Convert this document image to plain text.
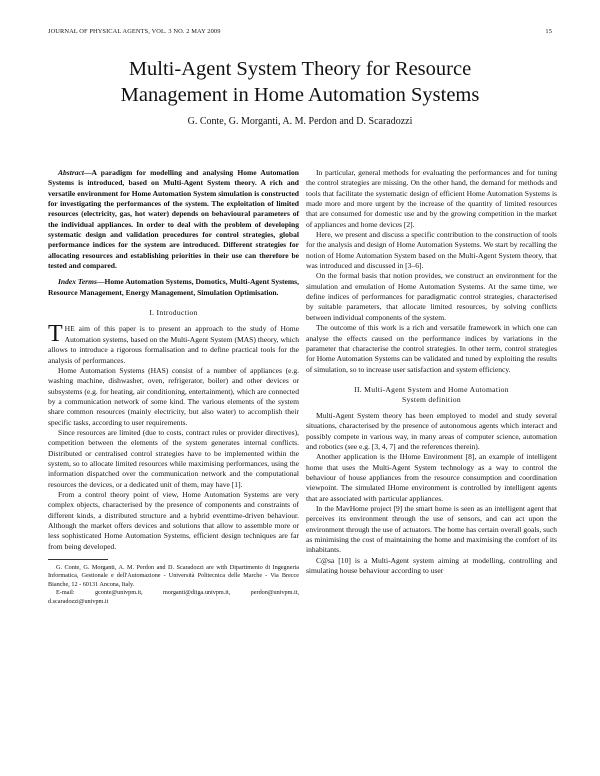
JOURNAL OF PHYSICAL AGENTS, VOL. 3 NO. 2 MAY 2009	15
Multi-Agent System Theory for Resource
Management in Home Automation Systems
G. Conte, G. Morganti, A. M. Perdon and D. Scaradozzi

Abstract—A paradigm for modelling and analysing Home Automation Systems is introduced, based on Multi-Agent System theory. A rich and versatile environment for Home Automation System simulation is constructed for investigating the performances of the system. The exploitation of limited resources (electricity, gas, hot water) depends on behavioural parameters of the individual appliances. In order to deal with the problem of developing systematic design and validation procedures for control strategies, global performance indices for the system are introduced. Different strategies for allocating resources and establishing priorities in their use can therefore be tested and compared.

Index Terms—Home Automation Systems, Domotics, Multi-Agent Systems, Resource Management, Energy Management, Simulation Optimisation.

I. Introduction

THE aim of this paper is to present an approach to the study of Home Automation systems, based on the Multi-Agent System (MAS) theory, which allows to introduce a rigorous formalisation and to define practical tools for the analysis of performances.

Home Automation Systems (HAS) consist of a number of appliances (e.g. washing machine, dishwasher, oven, refrigerator, boiler) and other devices or subsystems (e.g. for heating, air conditioning, entertainment), which are connected by a communication network of some kind. The various elements of the system share common resources (mainly electricity, but also water) to accomplish their specific tasks, according to user requirements.

Since resources are limited (due to costs, contract rules or provider directives), competition between the elements of the system generates internal conflicts. Distributed or centralised control strategies have to be implemented within the system, so to allocate limited resources while maximising performances, using the information dispatched over the communication network and the computational resources the devices, or a dedicated unit of them, may have [1].

From a control theory point of view, Home Automation Systems are very complex objects, characterised by the presence of components and constraints of different kinds, a distributed structure and a hybrid eventtime-driven behaviour. Although the market offers devices and solutions that allow to assemble more or less sophisticated Home Automation Systems, efficient design techniques are far from being developed.

G. Conte, G. Morganti, A. M. Perdon and D. Scaradozzi are with Dipartimento di Ingegneria Informatica, Gestionale e dell'Automazione - Università Politecnica delle Marche - Via Brecce Bianche, 12 - 60131 Ancona, Italy.

E-mail: gconte@univpm.it, morganti@diiga.univpm.it, perdon@univpm.it, d.scaradozzi@univpm.it

In particular, general methods for evaluating the performances and for tuning the control strategies are missing. On the other hand, the demand for methods and tools that facilitate the systematic design of efficient Home Automation Systems is made more and more urgent by the increase of the quantity of limited resources that are consumed for domestic use and by the growing competition in the market of appliances and home devices [2].

Here, we present and discuss a specific contribution to the construction of tools for the analysis and design of Home Automation Systems. We start by recalling the notion of Home Automation System based on the Multi-Agent System theory, that was introduced and discussed in [3–6].

On the formal basis that notion provides, we construct an environment for the simulation and emulation of Home Automation Systems. At the same time, we define indices of performances for paradigmatic control strategies, characterised by suitable parameters, that allocate limited resources, by solving conflicts between individual components of the system.

The outcome of this work is a rich and versatile framework in which one can analyse the effects caused on the performance indices by variations in the parameter that characterise the control strategies. In other term, control strategies for Home Automation Systems can be validated and tuned by exploiting the results of simulation, so to increase user satisfaction and system efficiency.

II. Multi-Agent System and Home Automation
System definition

Multi-Agent System theory has been employed to model and study several situations, characterised by the presence of autonomous agents which interact and possibly compete in various way, in many areas of computer science, automation and robotics (see e.g. [3, 4, 7] and the references therein).

Another application is the IHome Environment [8], an example of intelligent home that uses the Multi-Agent System technology as a way to control the behaviour of house appliances from the resource consumption and coordination viewpoint. The simulated IHome environment is controlled by intelligent agents that are associated with particular appliances.

In the MavHome project [9] the smart home is seen as an intelligent agent that perceives its environment through the use of sensors, and can act upon the environment through the use of actuators. The home has certain overall goals, such as minimising the cost of maintaining the home and maximising the comfort of its inhabitants.

C@sa [10] is a Multi-Agent system aiming at modelling, controlling and simulating house behaviour according to user
